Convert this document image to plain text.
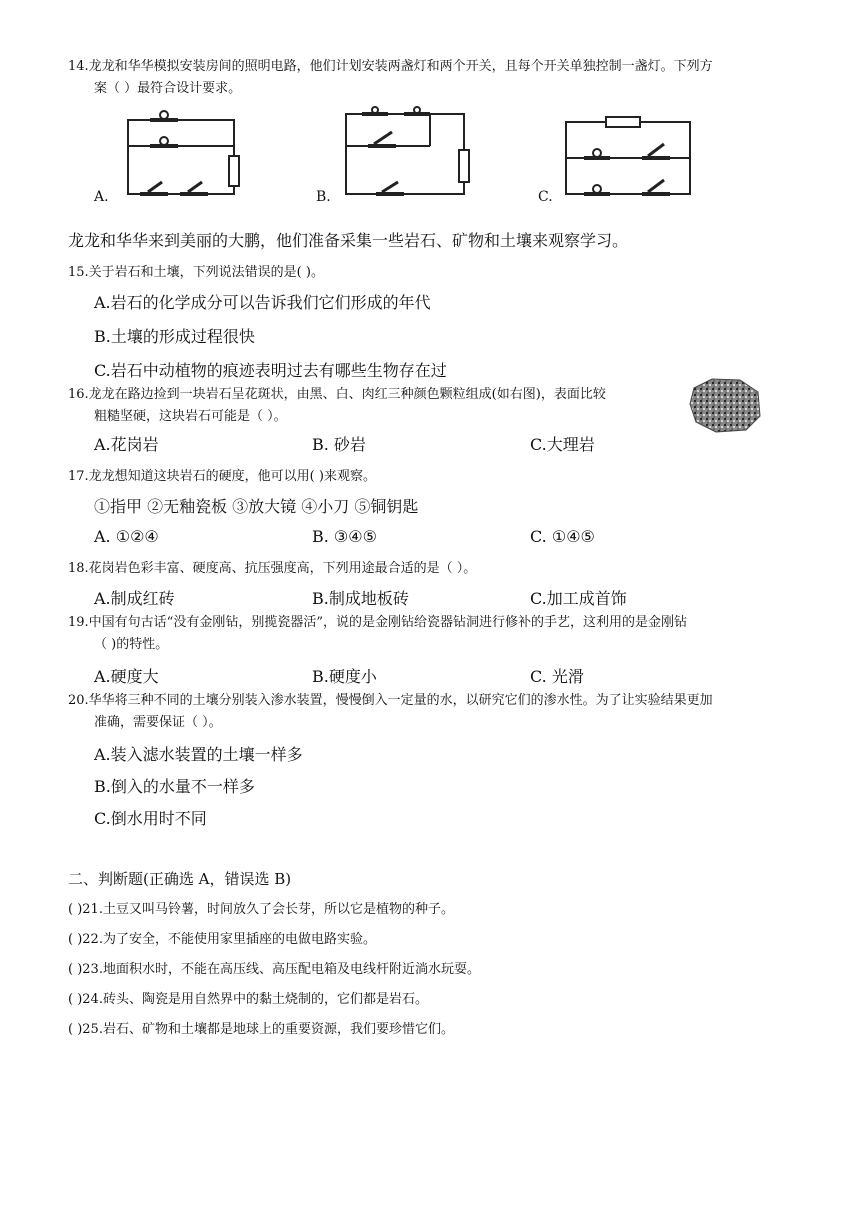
14.龙龙和华华模拟安装房间的照明电路，他们计划安装两盏灯和两个开关，且每个开关单独控制一盏灯。下列方
案（ ）最符合设计要求。
A.	B.	C.
龙龙和华华来到美丽的大鹏，他们准备采集一些岩石、矿物和土壤来观察学习。
15.关于岩石和土壤，下列说法错误的是( )。
A.岩石的化学成分可以告诉我们它们形成的年代
B.土壤的形成过程很快
C.岩石中动植物的痕迹表明过去有哪些生物存在过
16.龙龙在路边捡到一块岩石呈花斑状，由黑、白、肉红三种颜色颗粒组成(如右图)，表面比较
粗糙坚硬，这块岩石可能是（ ）。
A.花岗岩	B. 砂岩	C.大理岩
17.龙龙想知道这块岩石的硬度，他可以用( )来观察。
①指甲 ②无釉瓷板 ③放大镜 ④小刀 ⑤铜钥匙
A. ①②④	B. ③④⑤	C. ①④⑤
18.花岗岩色彩丰富、硬度高、抗压强度高，下列用途最合适的是（ ）。
A.制成红砖	B.制成地板砖	C.加工成首饰
19.中国有句古话“没有金刚钻，别揽瓷器活”，说的是金刚钻给瓷器钻洞进行修补的手艺，这利用的是金刚钻
（ )的特性。
A.硬度大	B.硬度小	C. 光滑
20.华华将三种不同的土壤分别装入渗水装置，慢慢倒入一定量的水，以研究它们的渗水性。为了让实验结果更加
准确，需要保证（ ）。
A.装入滤水装置的土壤一样多
B.倒入的水量不一样多
C.倒水用时不同
二、判断题(正确选 A，错误选 B)
( )21.土豆又叫马铃薯，时间放久了会长芽，所以它是植物的种子。
( )22.为了安全，不能使用家里插座的电做电路实验。
( )23.地面积水时，不能在高压线、高压配电箱及电线杆附近淌水玩耍。
( )24.砖头、陶瓷是用自然界中的黏土烧制的，它们都是岩石。
( )25.岩石、矿物和土壤都是地球上的重要资源，我们要珍惜它们。
